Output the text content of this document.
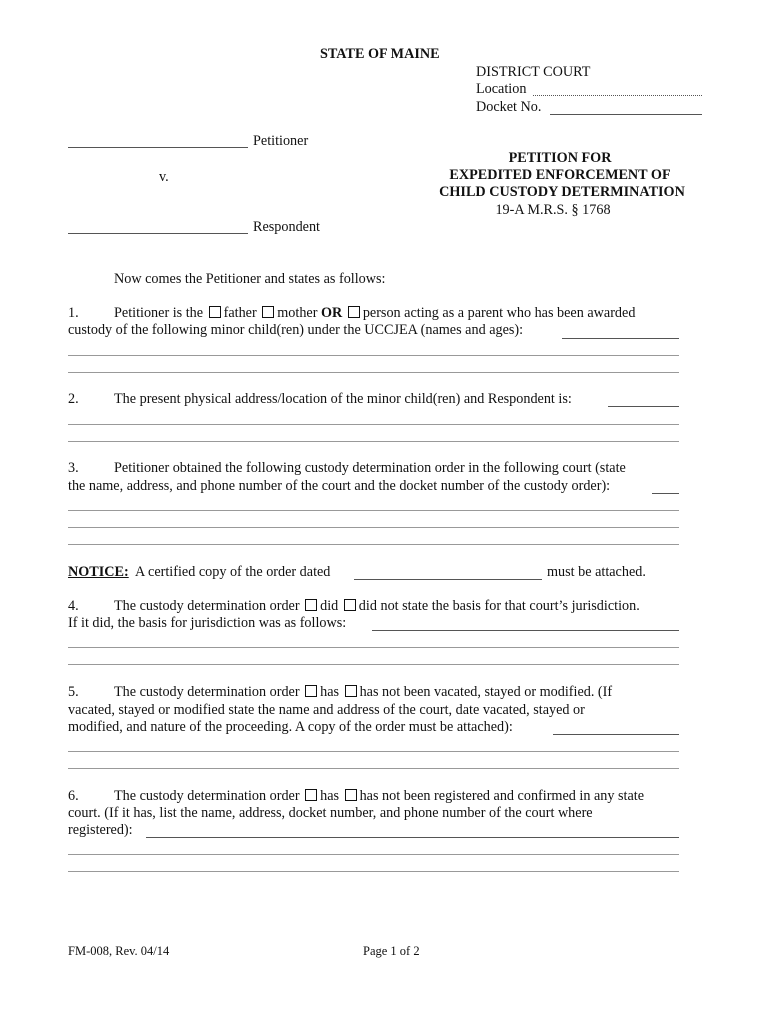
STATE OF MAINE
DISTRICT COURT
Location
Docket No.
Petitioner
v.
Respondent
PETITION FOR
EXPEDITED ENFORCEMENT OF
CHILD CUSTODY DETERMINATION
19-A M.R.S. § 1768
Now comes the Petitioner and states as follows:
1. Petitioner is the father mother OR person acting as a parent who has been awarded
custody of the following minor child(ren) under the UCCJEA (names and ages):
2. The present physical address/location of the minor child(ren) and Respondent is:
3. Petitioner obtained the following custody determination order in the following court (state
the name, address, and phone number of the court and the docket number of the custody order):
NOTICE: A certified copy of the order dated	must be attached.
4. The custody determination order did did not state the basis for that court’s jurisdiction.
If it did, the basis for jurisdiction was as follows:
5. The custody determination order has has not been vacated, stayed or modified. (If
vacated, stayed or modified state the name and address of the court, date vacated, stayed or
modified, and nature of the proceeding. A copy of the order must be attached):
6. The custody determination order has has not been registered and confirmed in any state
court. (If it has, list the name, address, docket number, and phone number of the court where
registered):
FM-008, Rev. 04/14	Page 1 of 2
